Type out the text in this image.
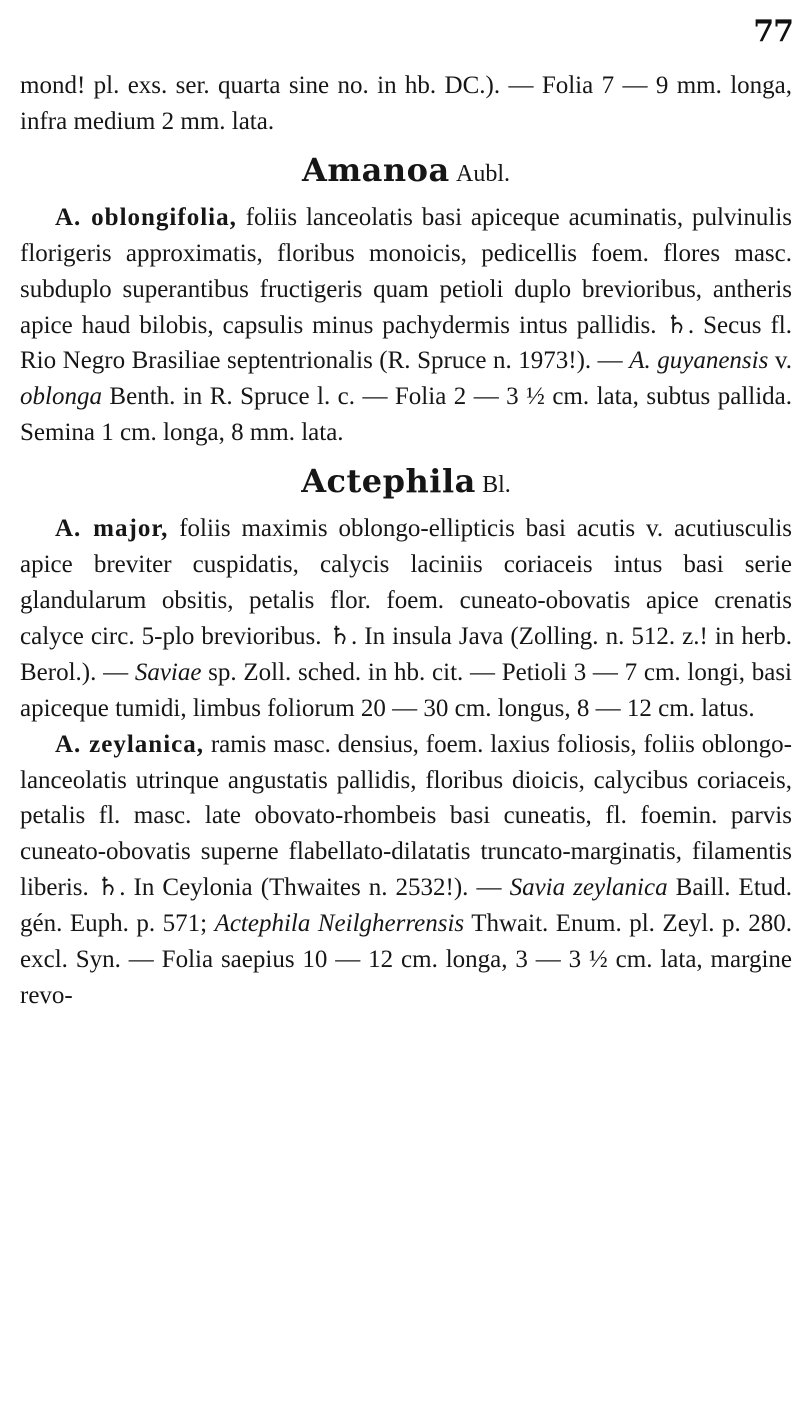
77

mond! pl. exs. ser. quarta sine no. in hb. DC.). — Folia 7 — 9 mm. longa, infra medium 2 mm. lata.

Amanoa Aubl.

A. oblongifolia, foliis lanceolatis basi apiceque acuminatis, pulvinulis florigeris approximatis, floribus monoicis, pedicellis foem. flores masc. subduplo superantibus fructigeris quam petioli duplo brevioribus, antheris apice haud bilobis, capsulis minus pachydermis intus pallidis. ♄. Secus fl. Rio Negro Brasiliae septentrionalis (R. Spruce n. 1973!). — A. guyanensis v. oblonga Benth. in R. Spruce l. c. — Folia 2 — 3 ½ cm. lata, subtus pallida. Semina 1 cm. longa, 8 mm. lata.

Actephila Bl.

A. major, foliis maximis oblongo-ellipticis basi acutis v. acutiusculis apice breviter cuspidatis, calycis laciniis coriaceis intus basi serie glandularum obsitis, petalis flor. foem. cuneato-obovatis apice crenatis calyce circ. 5-plo brevioribus. ♄. In insula Java (Zolling. n. 512. z.! in herb. Berol.). — Saviae sp. Zoll. sched. in hb. cit. — Petioli 3 — 7 cm. longi, basi apiceque tumidi, limbus foliorum 20 — 30 cm. longus, 8 — 12 cm. latus.

A. zeylanica, ramis masc. densius, foem. laxius foliosis, foliis oblongo-lanceolatis utrinque angustatis pallidis, floribus dioicis, calycibus coriaceis, petalis fl. masc. late obovato-rhombeis basi cuneatis, fl. foemin. parvis cuneato-obovatis superne flabellato-dilatatis truncato-marginatis, filamentis liberis. ♄. In Ceylonia (Thwaites n. 2532!). — Savia zeylanica Baill. Etud. gén. Euph. p. 571; Actephila Neilgherrensis Thwait. Enum. pl. Zeyl. p. 280. excl. Syn. — Folia saepius 10 — 12 cm. longa, 3 — 3 ½ cm. lata, margine revo-
